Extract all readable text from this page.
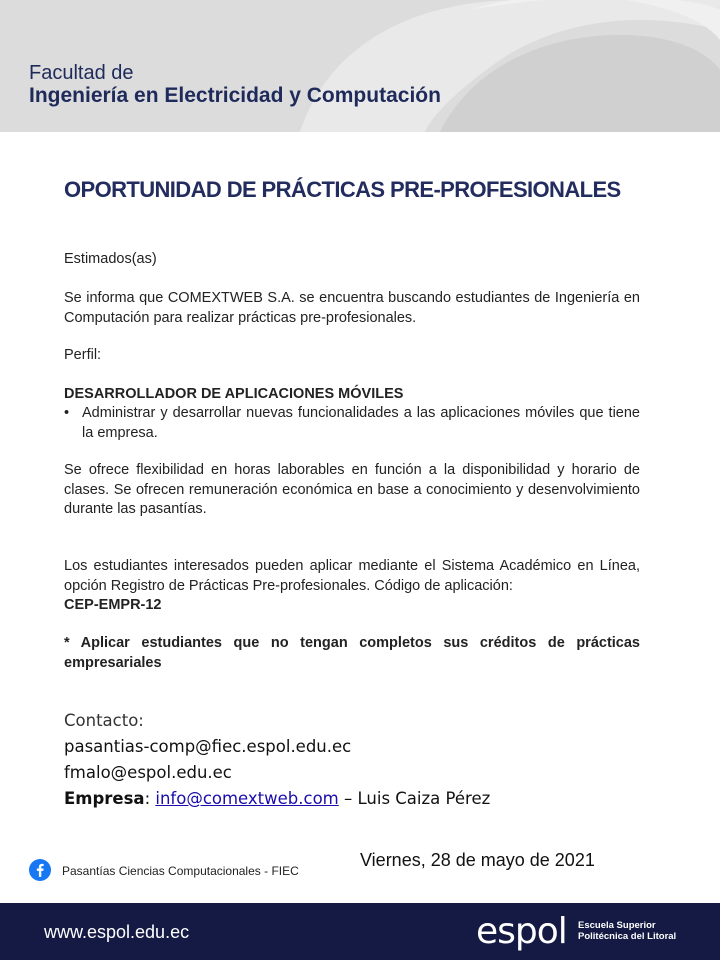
Facultad de
Ingeniería en Electricidad y Computación
OPORTUNIDAD DE PRÁCTICAS PRE-PROFESIONALES

Estimados(as)

Se informa que COMEXTWEB S.A. se encuentra buscando estudiantes de Ingeniería en Computación para realizar prácticas pre-profesionales.

Perfil:

DESARROLLADOR DE APLICACIONES MÓVILES

• Administrar y desarrollar nuevas funcionalidades a las aplicaciones móviles que tiene la empresa.

Se ofrece flexibilidad en horas laborables en función a la disponibilidad y horario de clases. Se ofrecen remuneración económica en base a conocimiento y desenvolvimiento durante las pasantías.

Los estudiantes interesados pueden aplicar mediante el Sistema Académico en Línea, opción Registro de Prácticas Pre-profesionales. Código de aplicación:

CEP-EMPR-12

* Aplicar estudiantes que no tengan completos sus créditos de prácticas empresariales

Contacto:
pasantias-comp@fiec.espol.edu.ec
fmalo@espol.edu.ec
Empresa: info@comextweb.com – Luis Caiza Pérez
Pasantías Ciencias Computacionales - FIEC
Viernes, 28 de mayo de 2021
www.espol.edu.ec	espol Escuela Superior
Politécnica del Litoral
